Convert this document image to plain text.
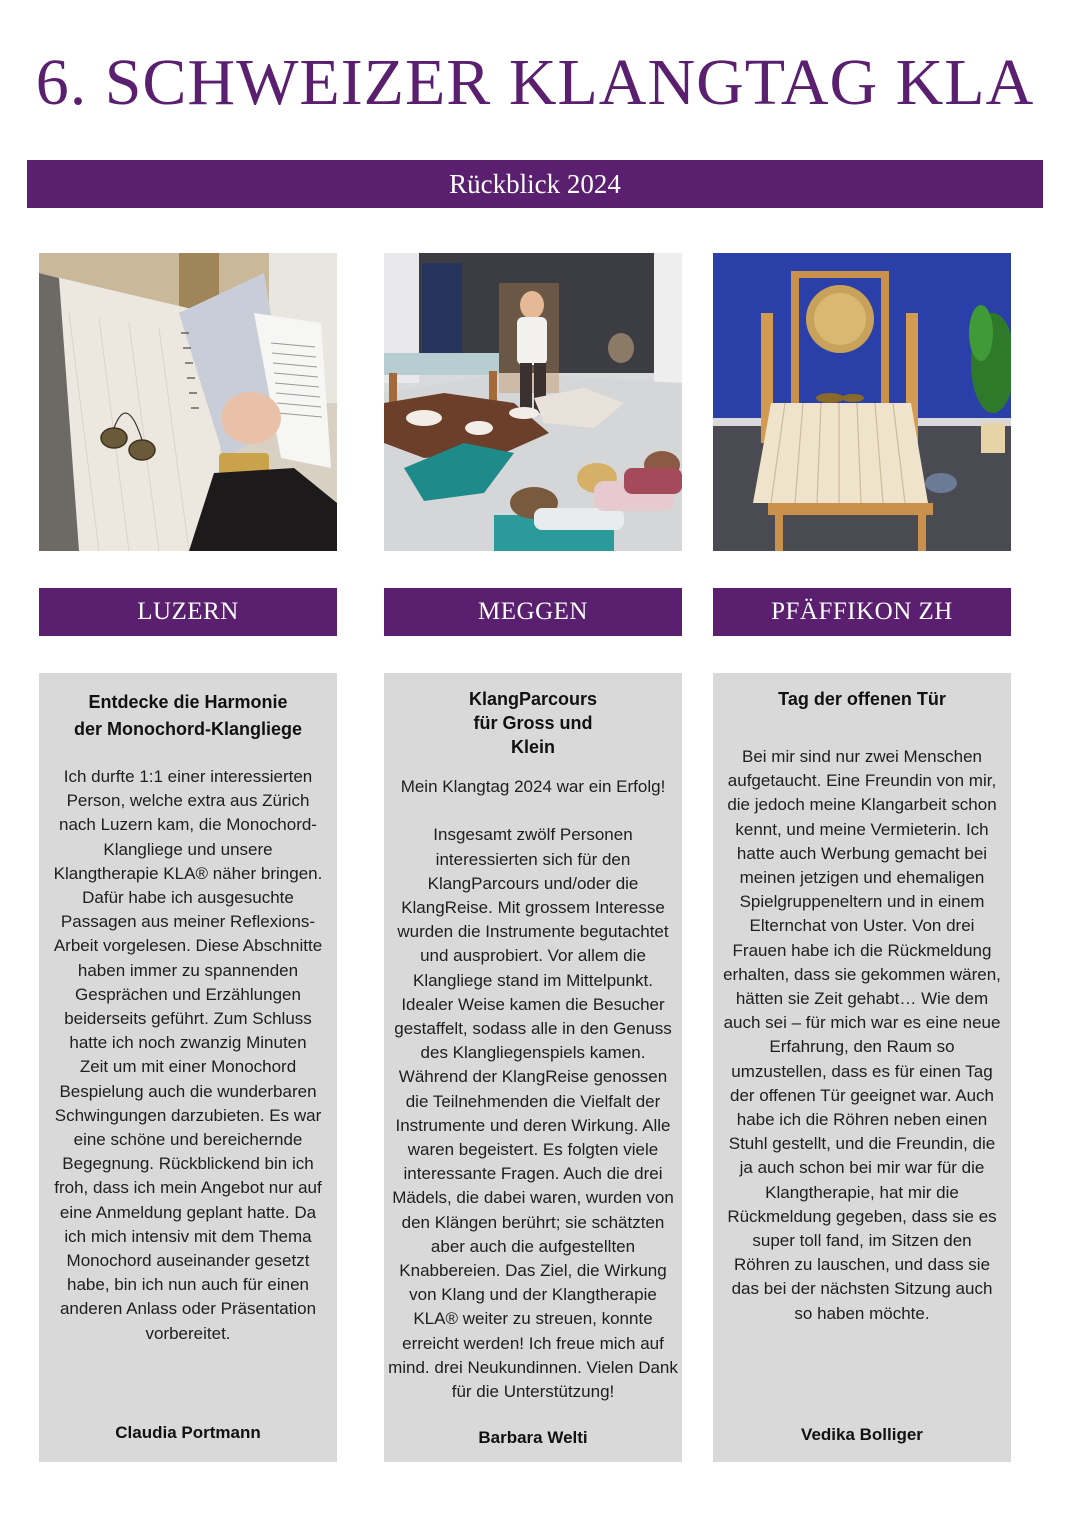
6. SCHWEIZER KLANGTAG KLA
Rückblick 2024
LUZERN
Entdecke die Harmonie der Monochord-Klangliege
Ich durfte 1:1 einer interessierten Person, welche extra aus Zürich nach Luzern kam, die Monochord-Klangliege und unsere Klangtherapie KLA® näher bringen. Dafür habe ich ausgesuchte Passagen aus meiner Reflexions-Arbeit vorgelesen. Diese Abschnitte haben immer zu spannenden Gesprächen und Erzählungen beiderseits geführt. Zum Schluss hatte ich noch zwanzig Minuten Zeit um mit einer Monochord Bespielung auch die wunderbaren Schwingungen darzubieten. Es war eine schöne und bereichernde Begegnung. Rückblickend bin ich froh, dass ich mein Angebot nur auf eine Anmeldung geplant hatte. Da ich mich intensiv mit dem Thema Monochord auseinander gesetzt habe, bin ich nun auch für einen anderen Anlass oder Präsentation vorbereitet.
Claudia Portmann
MEGGEN
KlangParcours für Gross und Klein
Mein Klangtag 2024 war ein Erfolg!

Insgesamt zwölf Personen interessierten sich für den KlangParcours und/oder die KlangReise. Mit grossem Interesse wurden die Instrumente begutachtet und ausprobiert. Vor allem die Klangliege stand im Mittelpunkt. Idealer Weise kamen die Besucher gestaffelt, sodass alle in den Genuss des Klangliegenspiels kamen. Während der KlangReise genossen die Teilnehmenden die Vielfalt der Instrumente und deren Wirkung. Alle waren begeistert. Es folgten viele interessante Fragen. Auch die drei Mädels, die dabei waren, wurden von den Klängen berührt; sie schätzten aber auch die aufgestellten Knabbereien. Das Ziel, die Wirkung von Klang und der Klangtherapie KLA® weiter zu streuen, konnte erreicht werden! Ich freue mich auf mind. drei Neukundinnen. Vielen Dank für die Unterstützung!
Barbara Welti
PFÄFFIKON ZH
Tag der offenen Tür
Bei mir sind nur zwei Menschen aufgetaucht. Eine Freundin von mir, die jedoch meine Klangarbeit schon kennt, und meine Vermieterin. Ich hatte auch Werbung gemacht bei meinen jetzigen und ehemaligen Spielgruppeneltern und in einem Elternchat von Uster. Von drei Frauen habe ich die Rückmeldung erhalten, dass sie gekommen wären, hätten sie Zeit gehabt… Wie dem auch sei – für mich war es eine neue Erfahrung, den Raum so umzustellen, dass es für einen Tag der offenen Tür geeignet war. Auch habe ich die Röhren neben einen Stuhl gestellt, und die Freundin, die ja auch schon bei mir war für die Klangtherapie, hat mir die Rückmeldung gegeben, dass sie es super toll fand, im Sitzen den Röhren zu lauschen, und dass sie das bei der nächsten Sitzung auch so haben möchte.
Vedika Bolliger
